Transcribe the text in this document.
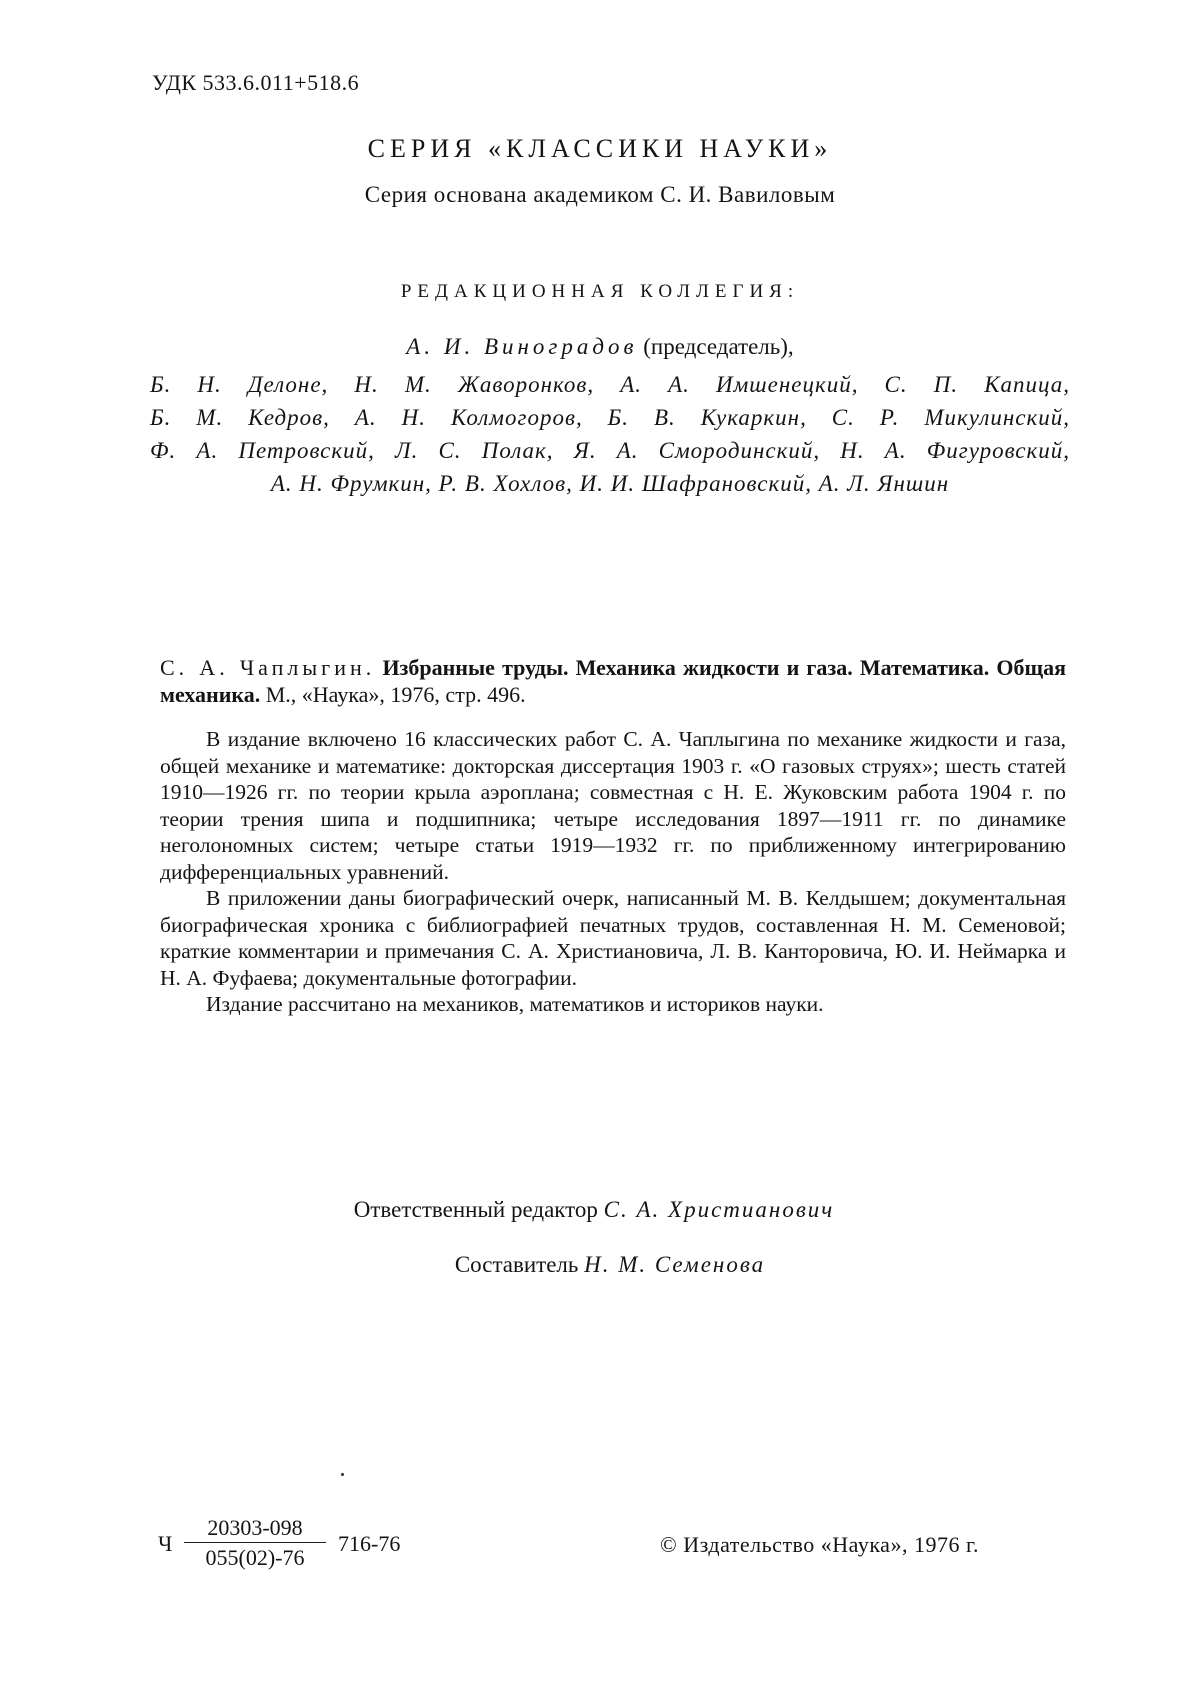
УДК 533.6.011+518.6
СЕРИЯ «КЛАССИКИ НАУКИ»
Серия основана академиком С. И. Вавиловым
РЕДАКЦИОННАЯ КОЛЛЕГИЯ:
А. И. Виноградов (председатель),
Б. Н. Делоне, Н. М. Жаворонков, А. А. Имшенецкий, С. П. Капица,
Б. М. Кедров, А. Н. Колмогоров, Б. В. Кукаркин, С. Р. Микулинский,
Ф. А. Петровский, Л. С. Полак, Я. А. Смородинский, Н. А. Фигуровский,
А. Н. Фрумкин, Р. В. Хохлов, И. И. Шафрановский, А. Л. Яншин
С. А. Чаплыгин. Избранные труды. Механика жидкости и газа. Математика. Общая механика. М., «Наука», 1976, стр. 496.

В издание включено 16 классических работ С. А. Чаплыгина по механике жидкости и газа, общей механике и математике: докторская диссертация 1903 г. «О газовых струях»; шесть статей 1910—1926 гг. по теории крыла аэроплана; совместная с Н. Е. Жуковским работа 1904 г. по теории трения шипа и подшипника; четыре исследования 1897—1911 гг. по динамике неголономных систем; четыре статьи 1919—1932 гг. по приближенному интегрированию дифференциальных уравнений.

В приложении даны биографический очерк, написанный М. В. Келдышем; документальная биографическая хроника с библиографией печатных трудов, составленная Н. М. Семеновой; краткие комментарии и примечания С. А. Христиановича, Л. В. Канторовича, Ю. И. Неймарка и Н. А. Фуфаева; документальные фотографии.

Издание рассчитано на механиков, математиков и историков науки.

Ответственный редактор С. А. Христианович
Составитель Н. М. Семенова
Ч
20303-098
055(02)-76
716-76	© Издательство «Наука», 1976 г.
